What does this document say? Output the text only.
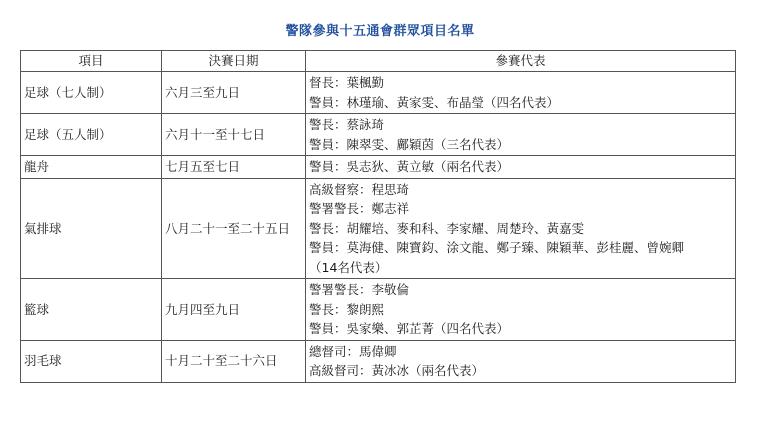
警隊參與十五通會群眾項目名單
項目	決賽日期	參賽代表
足球（七人制）	六月三至九日	督長：葉楓勤
警員：林瑾瑜、黃家雯、布晶瑩（四名代表）

足球（五人制）	六月十一至十七日	警長：蔡詠琦
警員：陳翠雯、鄺穎茵（三名代表）

龍舟	七月五至七日	警員：吳志狄、黃立敏（兩名代表）

氣排球	八月二十一至二十五日	高級督察：程思琦
警署警長：鄭志祥
警長：胡耀培、麥和科、李家耀、周楚玲、黃嘉雯
警員：莫海健、陳寶鈞、涂文龍、鄭子臻、陳穎華、彭桂麗、曾婉卿
（14名代表）

籃球	九月四至九日	警署警長：李敬倫
警長：黎朗熙
警員：吳家樂、郭芷菁（四名代表）

羽毛球	十月二十至二十六日	總督司：馬偉卿
高級督司：黃冰冰（兩名代表）
